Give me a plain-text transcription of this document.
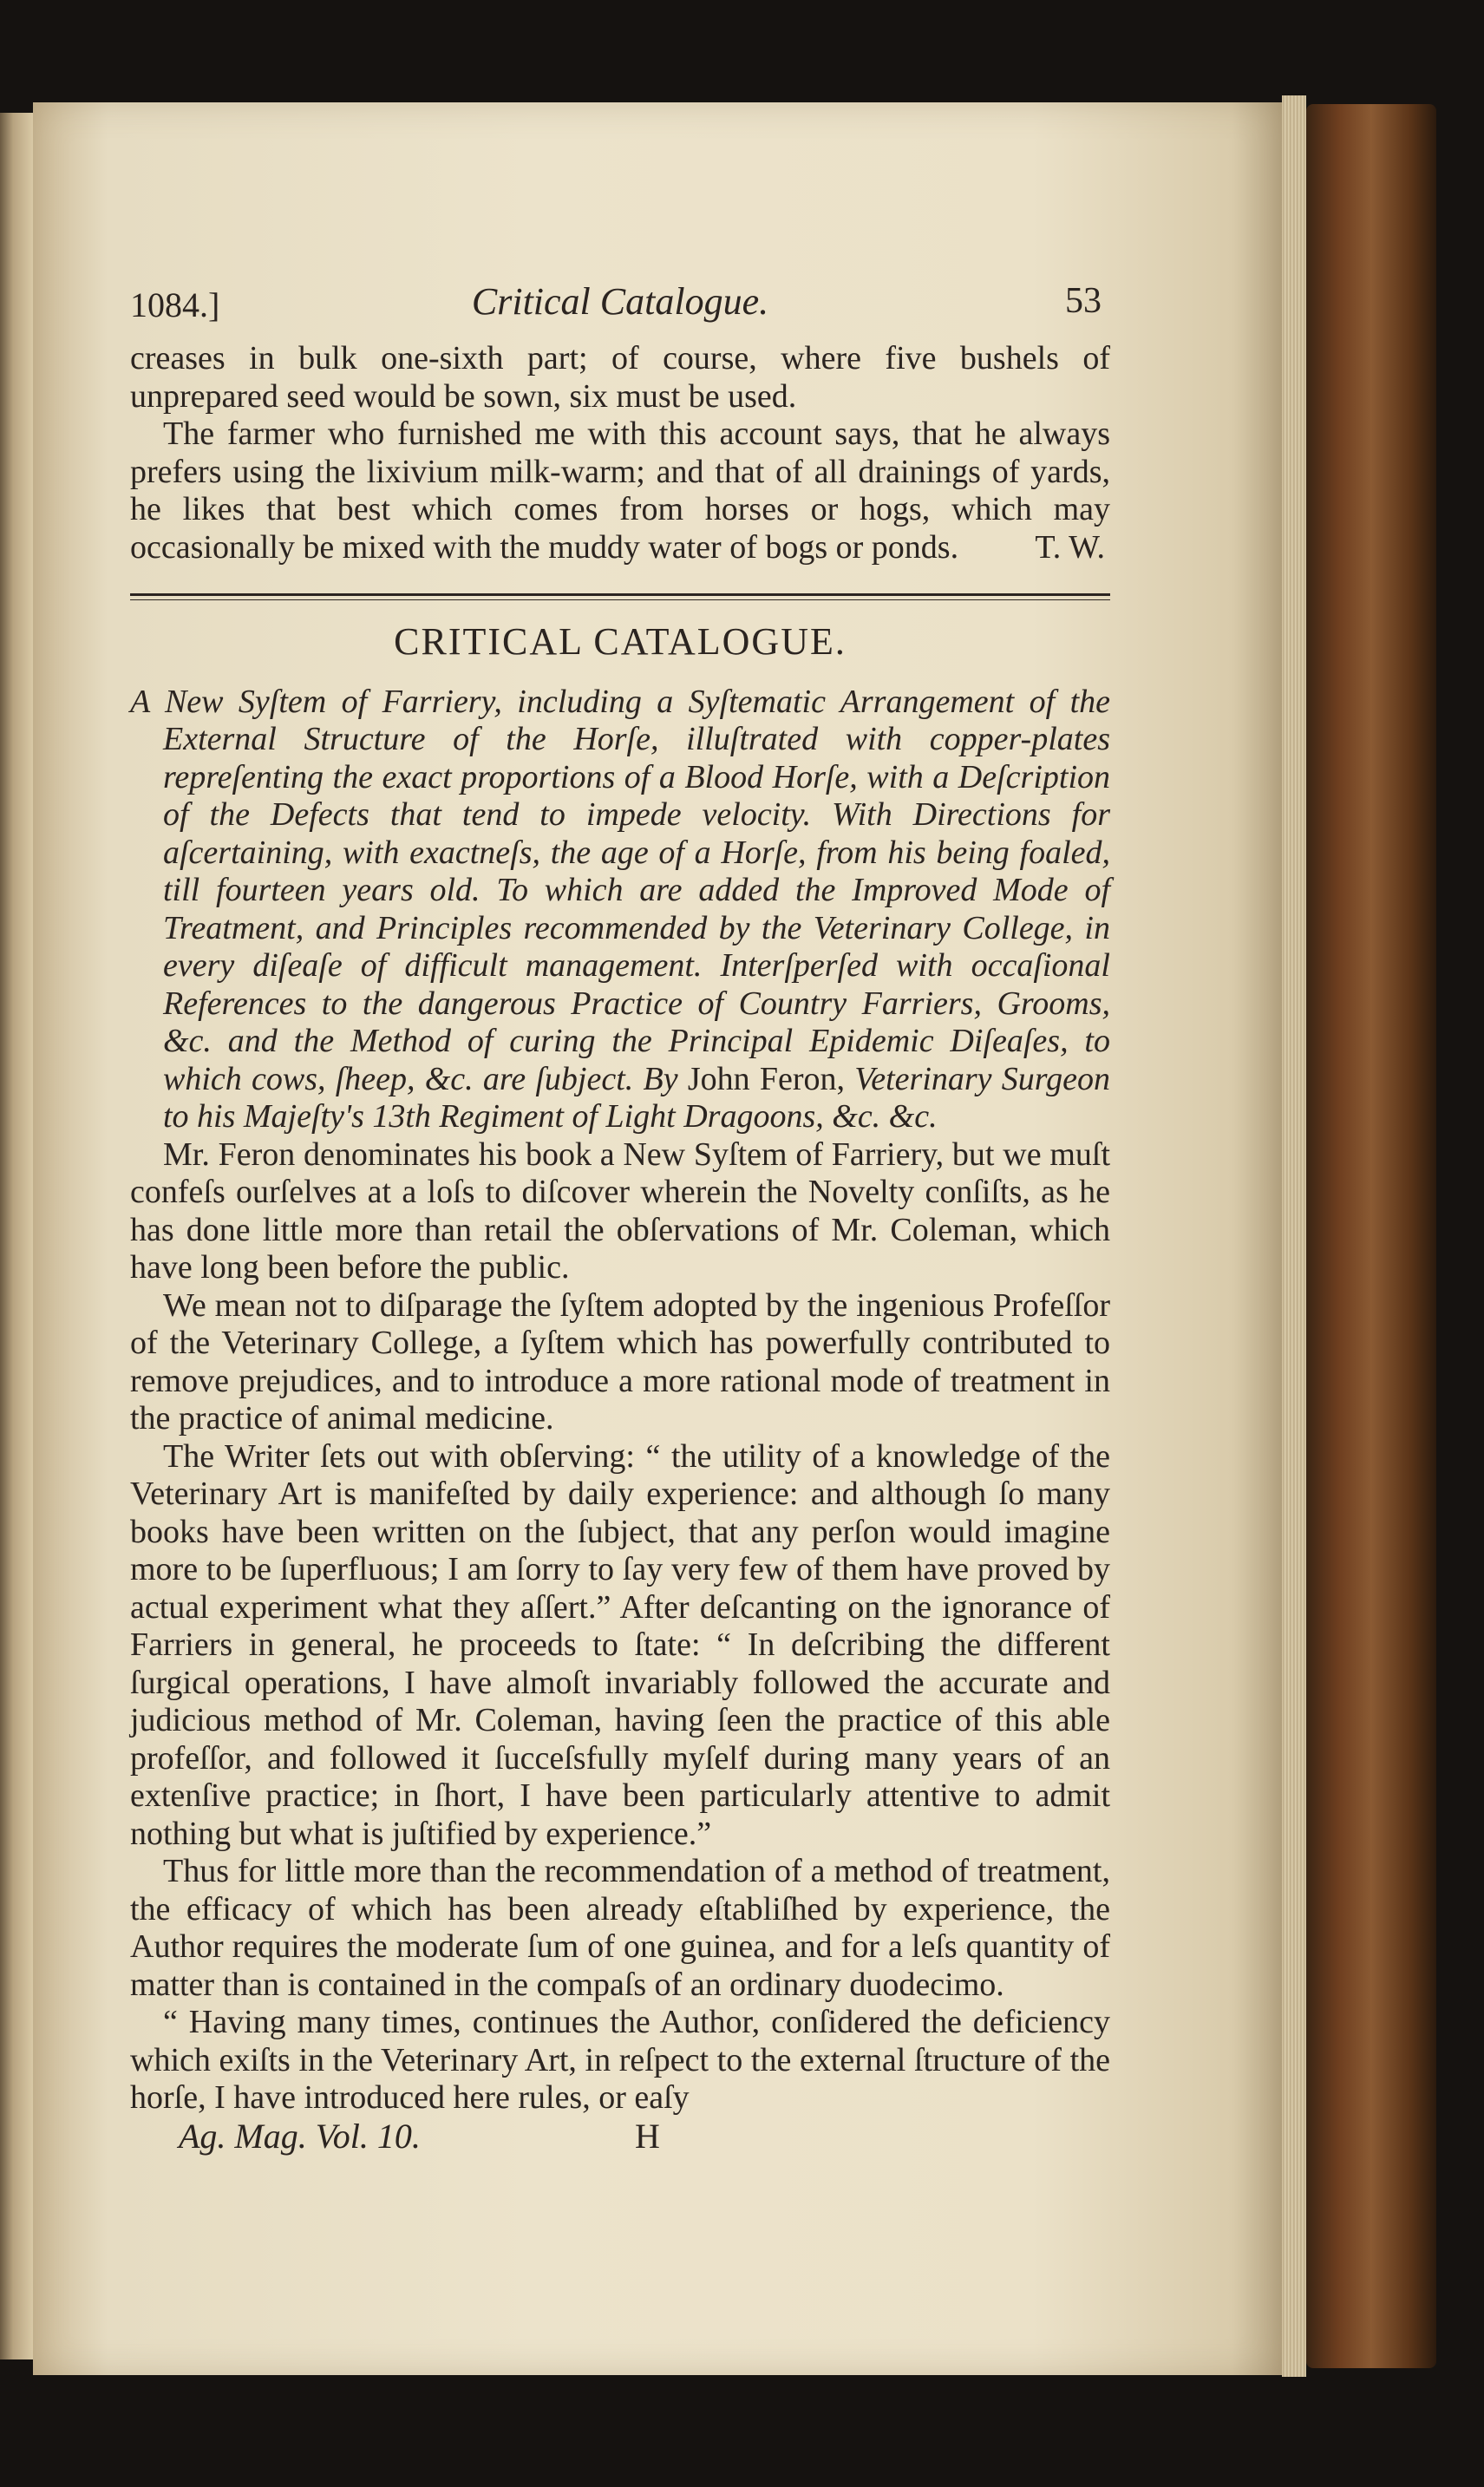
1084.]	Critical Catalogue.	53

creases in bulk one-sixth part; of course, where five bushels of unprepared seed would be sown, six must be used.

The farmer who furnished me with this account says, that he always prefers using the lixivium milk-warm; and that of all drainings of yards, he likes that best which comes from horses or hogs, which may occasionally be mixed with the muddy water of bogs or ponds.	T. W.
CRITICAL CATALOGUE.

A New Syſtem of Farriery, including a Syſtematic Arrangement of the External Structure of the Horſe, illuſtrated with copper-plates repreſenting the exact proportions of a Blood Horſe, with a Deſcription of the Defects that tend to impede velocity. With Directions for aſcertaining, with exactneſs, the age of a Horſe, from his being foaled, till fourteen years old. To which are added the Improved Mode of Treatment, and Principles recommended by the Veterinary College, in every diſeaſe of difficult management. Interſperſed with occaſional References to the dangerous Practice of Country Farriers, Grooms, &c. and the Method of curing the Principal Epidemic Diſeaſes, to which cows, ſheep, &c. are ſubject. By John Feron, Veterinary Surgeon to his Majeſty's 13th Regiment of Light Dragoons, &c. &c.

Mr. Feron denominates his book a New Syſtem of Farriery, but we muſt confeſs ourſelves at a loſs to diſcover wherein the Novelty conſiſts, as he has done little more than retail the obſervations of Mr. Coleman, which have long been before the public.

We mean not to diſparage the ſyſtem adopted by the ingenious Profeſſor of the Veterinary College, a ſyſtem which has powerfully contributed to remove prejudices, and to introduce a more rational mode of treatment in the practice of animal medicine.

The Writer ſets out with obſerving: “ the utility of a knowledge of the Veterinary Art is manifeſted by daily experience: and although ſo many books have been written on the ſubject, that any perſon would imagine more to be ſuperfluous; I am ſorry to ſay very few of them have proved by actual experiment what they aſſert.” After deſcanting on the ignorance of Farriers in general, he proceeds to ſtate: “ In deſcribing the different ſurgical operations, I have almoſt invariably followed the accurate and judicious method of Mr. Coleman, having ſeen the practice of this able profeſſor, and followed it ſucceſsfully myſelf during many years of an extenſive practice; in ſhort, I have been particularly attentive to admit nothing but what is juſtified by experience.”

Thus for little more than the recommendation of a method of treatment, the efficacy of which has been already eſtabliſhed by experience, the Author requires the moderate ſum of one guinea, and for a leſs quantity of matter than is contained in the compaſs of an ordinary duodecimo.

“ Having many times, continues the Author, conſidered the deficiency which exiſts in the Veterinary Art, in reſpect to the external ſtructure of the horſe, I have introduced here rules, or eaſy

Ag. Mag. Vol. 10.	H
